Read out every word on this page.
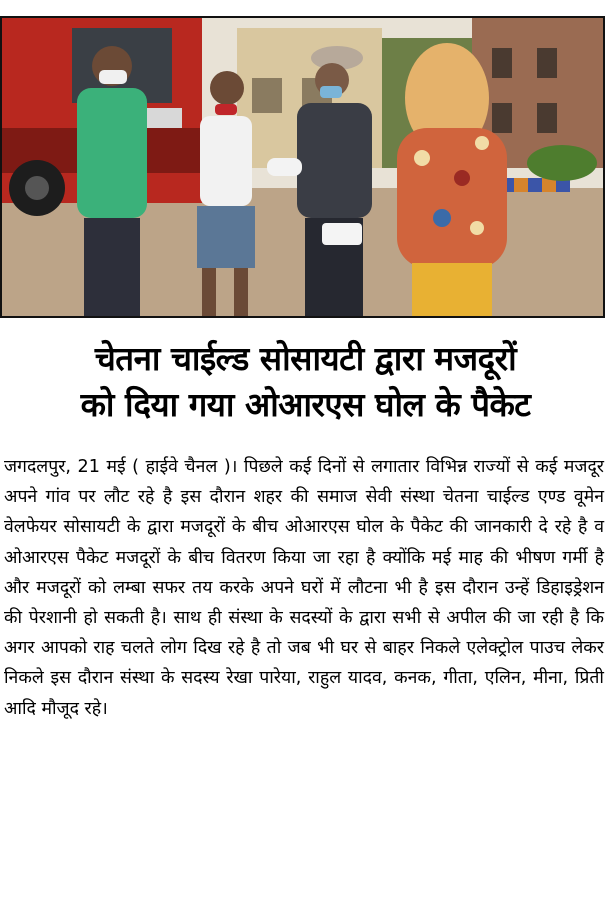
चेतना चाईल्ड सोसायटी द्वारा मजदूरों
को दिया गया ओआरएस घोल के पैकेट
जगदलपुर, 21 मई ( हाईवे चैनल )। पिछले कई दिनों से लगातार विभिन्न राज्यों से कई मजदूर अपने गांव पर लौट रहे है इस दौरान शहर की समाज सेवी संस्था चेतना चाईल्ड एण्ड वूमेन वेलफेयर सोसायटी के द्वारा मजदूरों के बीच ओआरएस घोल के पैकेट की जानकारी दे रहे है व ओआरएस पैकेट मजदूरों के बीच वितरण किया जा रहा है क्योंकि मई माह की भीषण गर्मी है और मजदूरों को लम्बा सफर तय करके अपने घरों में लौटना भी है इस दौरान उन्हें डिहाइड्रेशन की पेरशानी हो सकती है। साथ ही संस्था के सदस्यों के द्वारा सभी से अपील की जा रही है कि अगर आपको राह चलते लोग दिख रहे है तो जब भी घर से बाहर निकले एलेक्ट्रोल पाउच लेकर निकले इस दौरान संस्था के सदस्य रेखा पारेया, राहुल यादव, कनक, गीता, एलिन, मीना, प्रिती आदि मौजूद रहे।
